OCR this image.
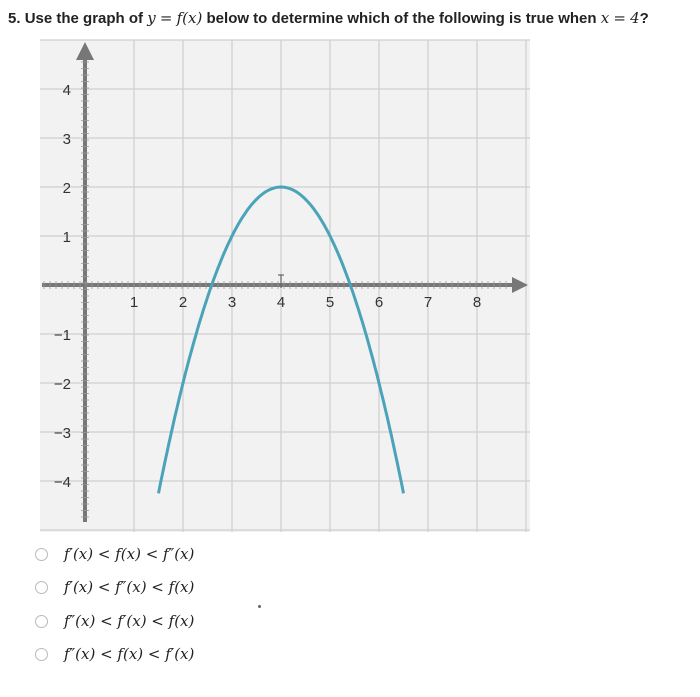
5. Use the graph of y = f(x) below to determine which of the following is true when x = 4?
1	2	3	4	5	6	7	8
4
3
2
1
−1
−2
−3
−4
f′(x) < f(x) < f″(x)
f′(x) < f″(x) < f(x)
f″(x) < f′(x) < f(x)
f″(x) < f(x) < f′(x)
